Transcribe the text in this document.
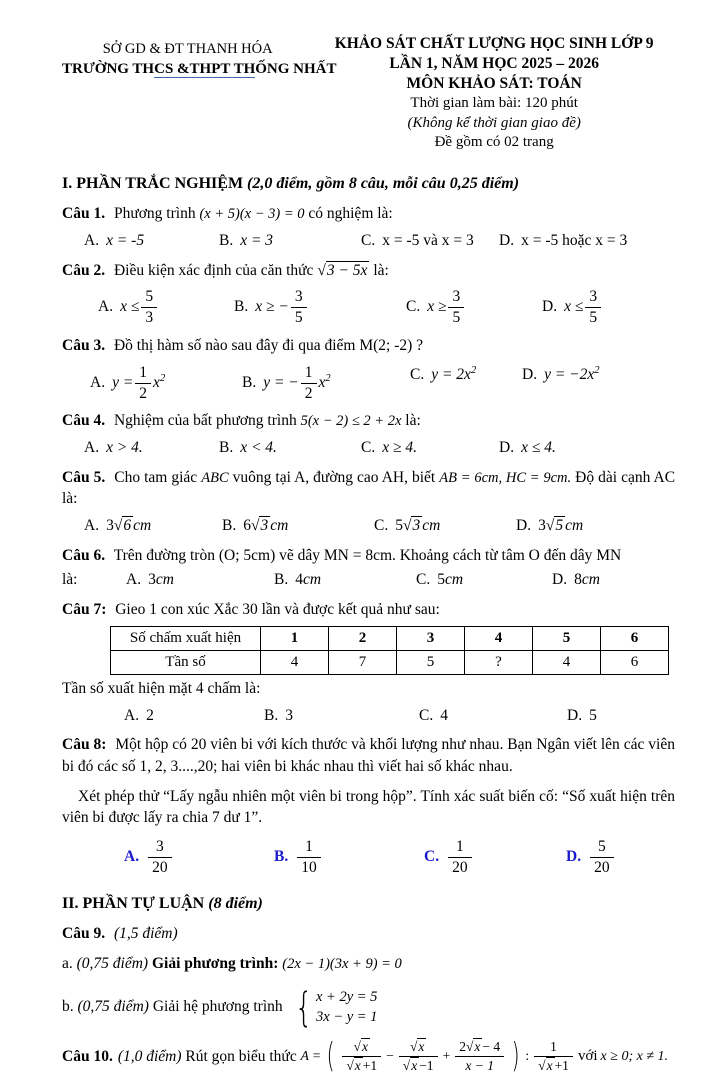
SỞ GD & ĐT THANH HÓA
TRƯỜNG THCS &THPT THỐNG NHẤT
KHẢO SÁT CHẤT LƯỢNG HỌC SINH LỚP 9
LẦN 1, NĂM HỌC 2025 – 2026
MÔN KHẢO SÁT: TOÁN
Thời gian làm bài: 120 phút
(Không kể thời gian giao đề)
Đề gồm có 02 trang
I. PHẦN TRẮC NGHIỆM (2,0 điểm, gồm 8 câu, mỗi câu 0,25 điểm)
Câu 1. Phương trình (x + 5)(x − 3) = 0 có nghiệm là:
A. x = -5	B. x = 3	C. x = -5 và x = 3	D. x = -5 hoặc x = 3
Câu 2. Điều kiện xác định của căn thức √3 − 5x là:
A. $x \le \frac{5}{3}$	B. x ≥ − $\frac{3}{5}$	C. $x \ge \frac{3}{5}$	D. $x \le \frac{3}{5}$
Câu 3. Đồ thị hàm số nào sau đây đi qua điểm M(2; -2) ?
A. $y = \frac{1}{2} x^2$	B. y = − $\frac{1}{2} x^2$	C. $y = 2x^2$	D. $y = -2x^2$
Câu 4. Nghiệm của bất phương trình 5(x − 2) ≤ 2 + 2x là:
A. x > 4.	B. x < 4.	C. x ≥ 4.	D. x ≤ 4.
Câu 5. Cho tam giác ABC vuông tại A, đường cao AH, biết AB = 6cm, HC = 9cm. Độ dài cạnh AC là:
A. 3√6 cm	B. 6√3 cm	C. 5√3 cm	D. 3√5 cm
Câu 6. Trên đường tròn (O; 5cm) vẽ dây MN = 8cm. Khoảng cách từ tâm O đến dây MN
là:	A. 3cm	B. 4cm	C. 5cm	D. 8cm
Câu 7: Gieo 1 con xúc Xắc 30 lần và được kết quả như sau:
Số chấm xuất hiện	1	2	3	4	5	6
Tần số	4	7	5	?	4	6
Tần số xuất hiện mặt 4 chấm là:
A. 2	B. 3	C. 4	D. 5
Câu 8: Một hộp có 20 viên bi với kích thước và khối lượng như nhau. Bạn Ngân viết lên các viên bi đó các số 1, 2, 3....,20; hai viên bi khác nhau thì viết hai số khác nhau.
Xét phép thử “Lấy ngẫu nhiên một viên bi trong hộp”. Tính xác suất biến cố: “Số xuất hiện trên viên bi được lấy ra chia 7 dư 1”.
A. $\frac{3}{20}$	B. $\frac{1}{10}$	C. $\frac{1}{20}$	D. $\frac{5}{20}$
II. PHẦN TỰ LUẬN (8 điểm)
Câu 9. (1,5 điểm)
a. (0,75 điểm) Giải phương trình: (2x − 1)(3x + 9) = 0
b. (0,75 điểm) Giải hệ phương trình { x + 2y = 5
3x − y = 1
Câu 10. (1,0 điểm)
Rút gọn biểu thức
A = ( $\frac{√x}{√x +1} - \frac{√x}{√x -1} + \frac{2√x - 4}{x - 1}$ ) : $\frac{1}{√x +1}$ với x ≥ 0; x ≠ 1.
